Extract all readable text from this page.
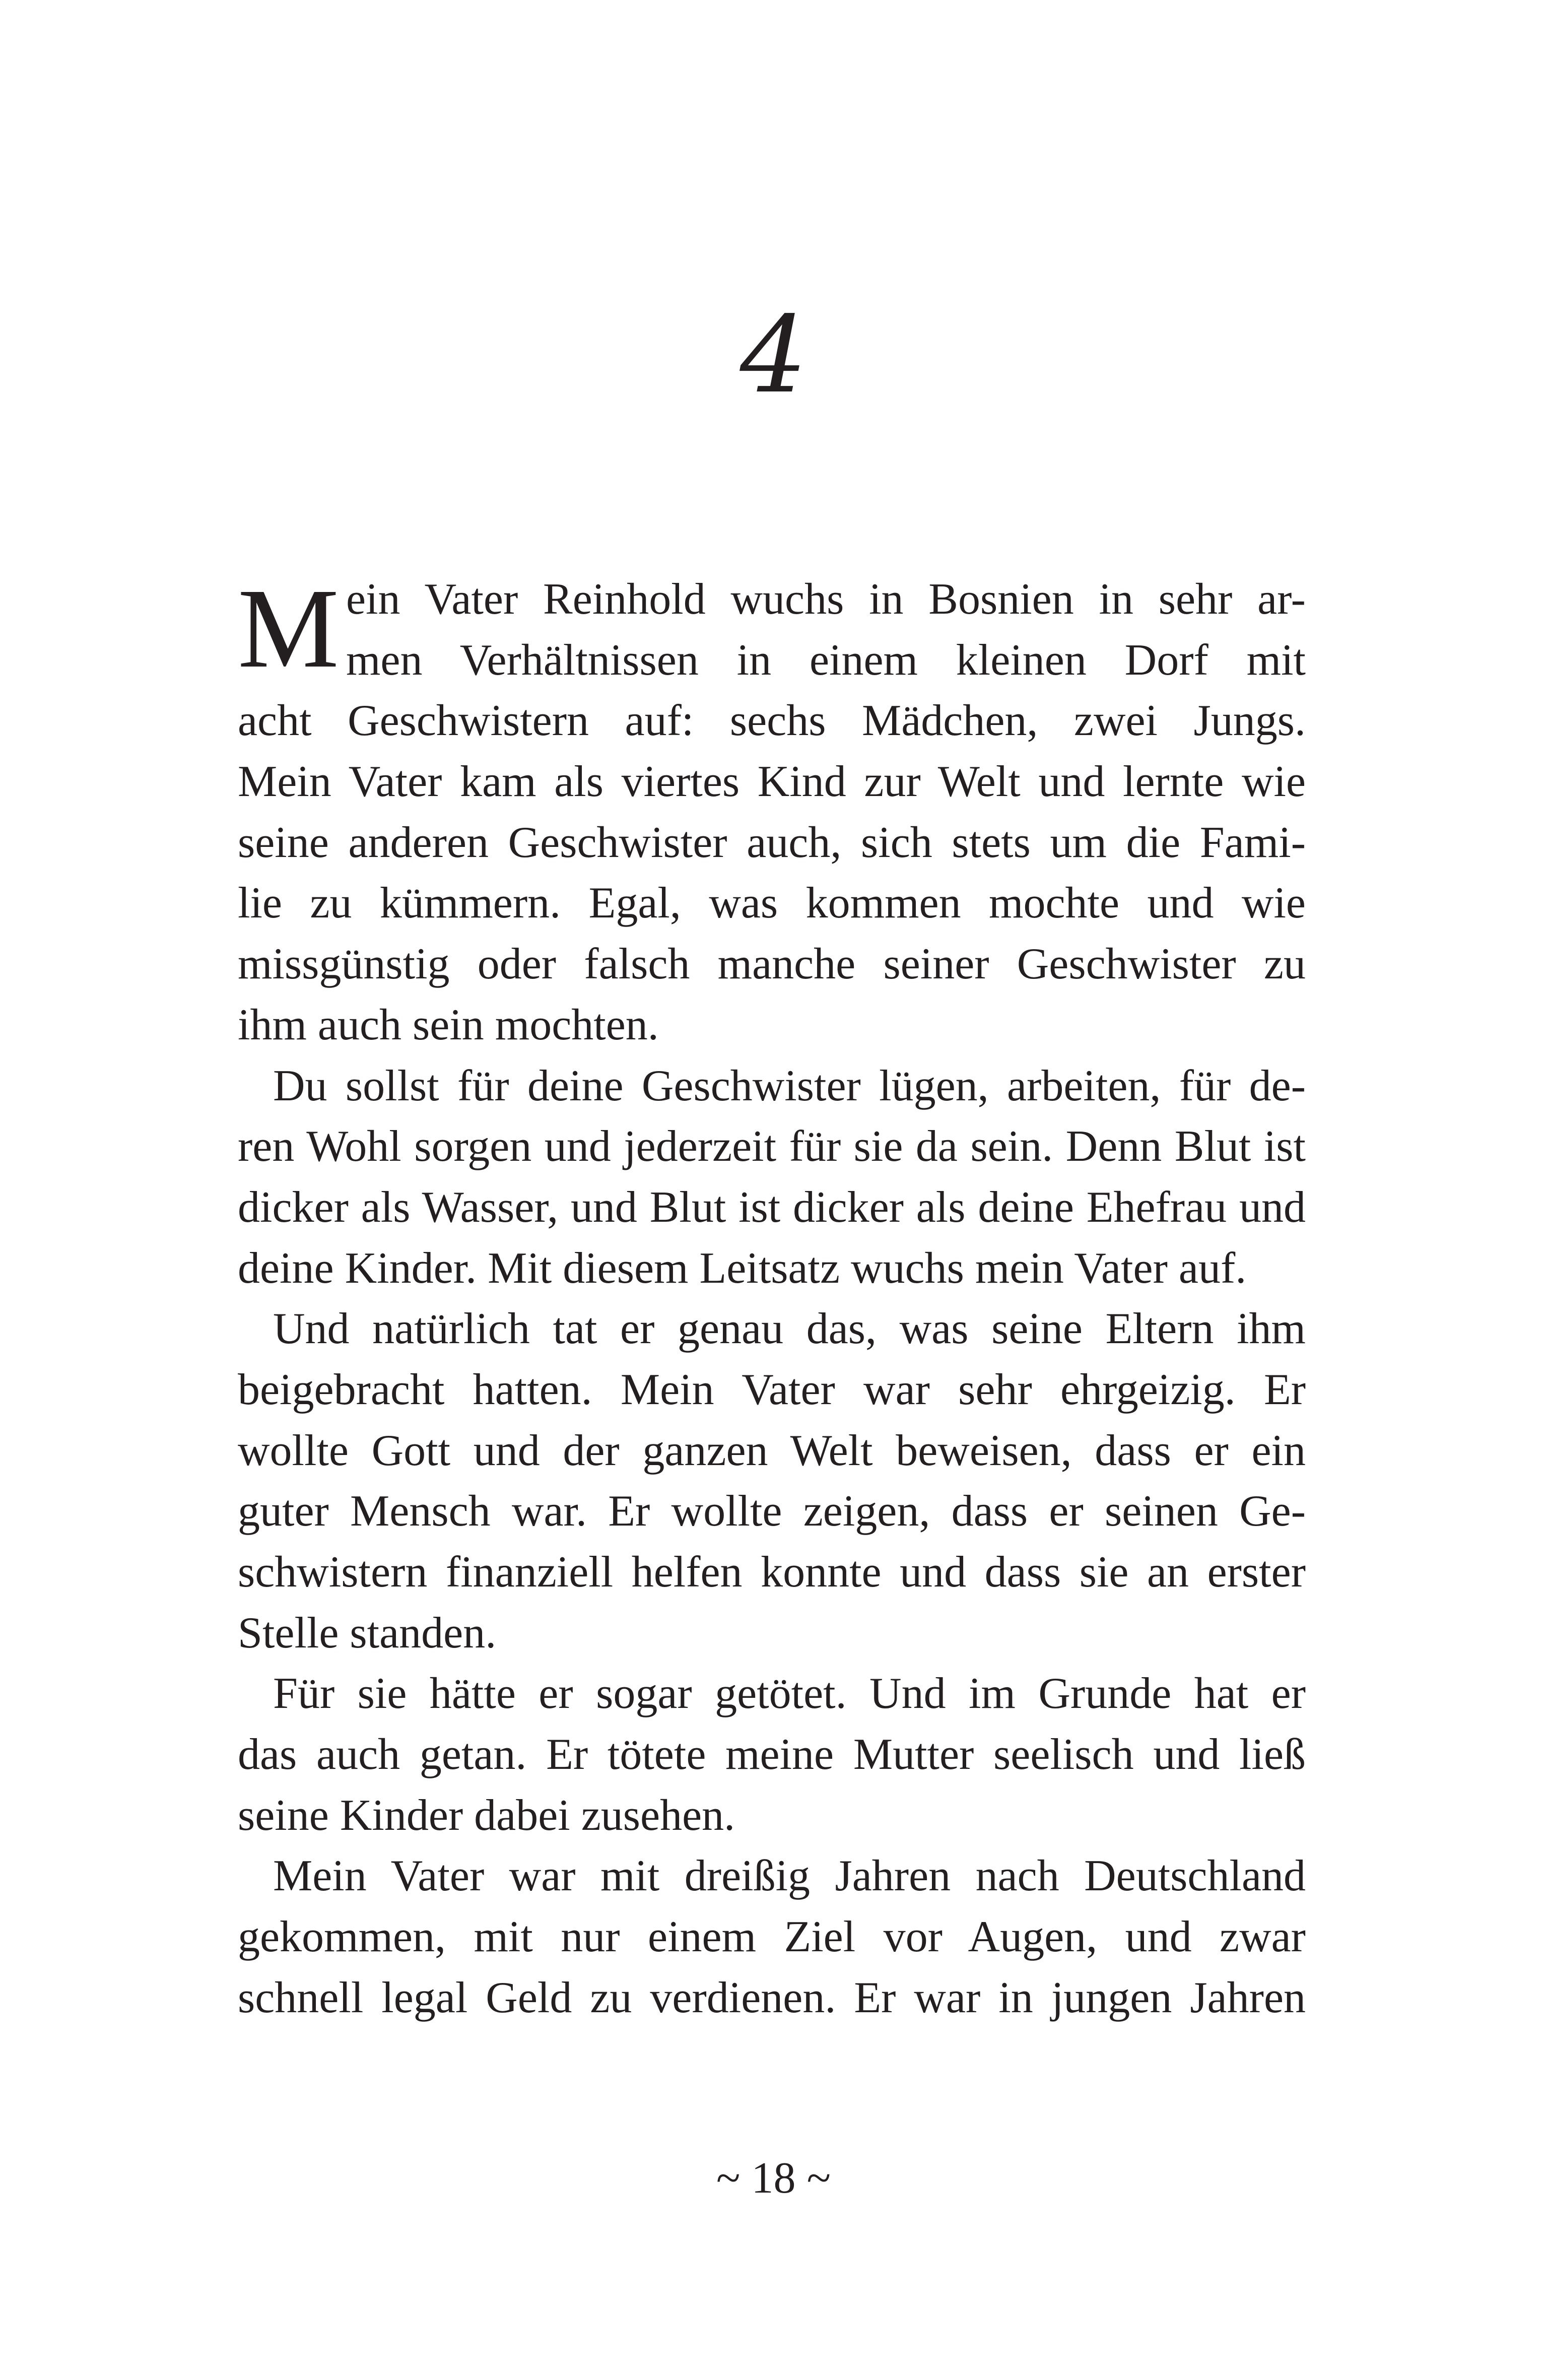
4
M ein Vater Reinhold wuchs in Bosnien in sehr ar-
men Verhältnissen in einem kleinen Dorf mit
acht Geschwistern auf: sechs Mädchen, zwei Jungs.
Mein Vater kam als viertes Kind zur Welt und lernte wie
seine anderen Geschwister auch, sich stets um die Fami-
lie zu kümmern. Egal, was kommen mochte und wie
missgünstig oder falsch manche seiner Geschwister zu
ihm auch sein mochten.
Du sollst für deine Geschwister lügen, arbeiten, für de-
ren Wohl sorgen und jederzeit für sie da sein. Denn Blut ist
dicker als Wasser, und Blut ist dicker als deine Ehefrau und
deine Kinder. Mit diesem Leitsatz wuchs mein Vater auf.
Und natürlich tat er genau das, was seine Eltern ihm
beigebracht hatten. Mein Vater war sehr ehrgeizig. Er
wollte Gott und der ganzen Welt beweisen, dass er ein
guter Mensch war. Er wollte zeigen, dass er seinen Ge-
schwistern finanziell helfen konnte und dass sie an erster
Stelle standen.
Für sie hätte er sogar getötet. Und im Grunde hat er
das auch getan. Er tötete meine Mutter seelisch und ließ
seine Kinder dabei zusehen.
Mein Vater war mit dreißig Jahren nach Deutschland
gekommen, mit nur einem Ziel vor Augen, und zwar
schnell legal Geld zu verdienen. Er war in jungen Jahren
~ 18 ~
